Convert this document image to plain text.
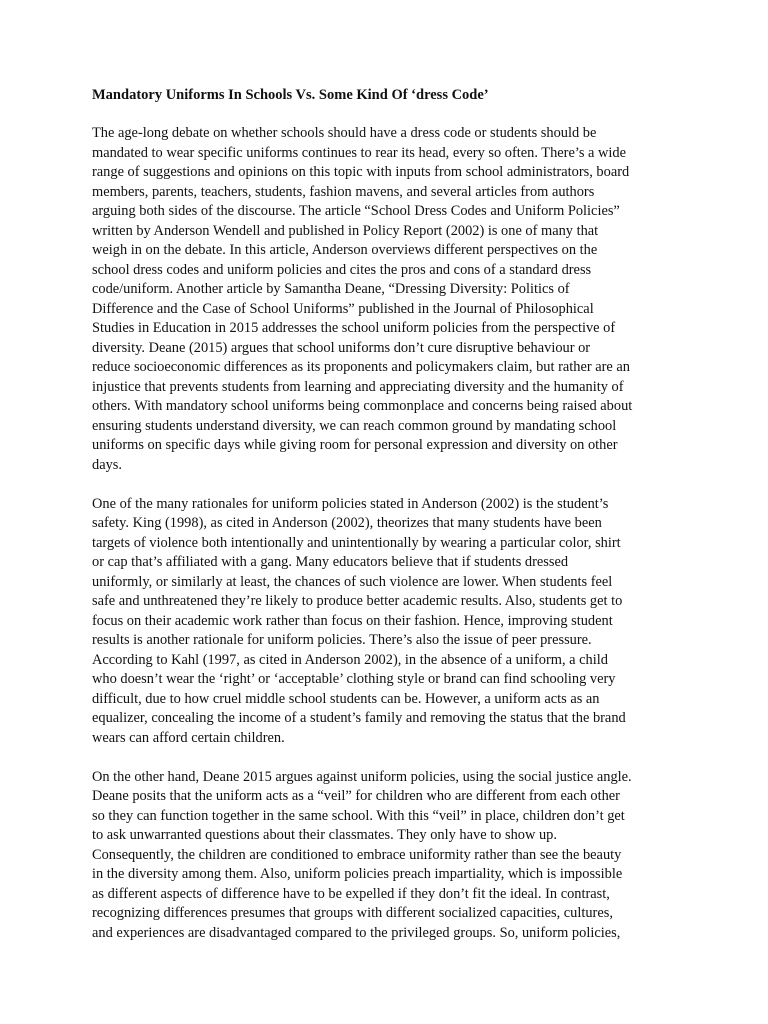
Mandatory Uniforms In Schools Vs. Some Kind Of ‘dress Code’
The age-long debate on whether schools should have a dress code or students should be
mandated to wear specific uniforms continues to rear its head, every so often. There’s a wide
range of suggestions and opinions on this topic with inputs from school administrators, board
members, parents, teachers, students, fashion mavens, and several articles from authors
arguing both sides of the discourse. The article “School Dress Codes and Uniform Policies”
written by Anderson Wendell and published in Policy Report (2002) is one of many that
weigh in on the debate. In this article, Anderson overviews different perspectives on the
school dress codes and uniform policies and cites the pros and cons of a standard dress
code/uniform. Another article by Samantha Deane, “Dressing Diversity: Politics of
Difference and the Case of School Uniforms” published in the Journal of Philosophical
Studies in Education in 2015 addresses the school uniform policies from the perspective of
diversity. Deane (2015) argues that school uniforms don’t cure disruptive behaviour or
reduce socioeconomic differences as its proponents and policymakers claim, but rather are an
injustice that prevents students from learning and appreciating diversity and the humanity of
others. With mandatory school uniforms being commonplace and concerns being raised about
ensuring students understand diversity, we can reach common ground by mandating school
uniforms on specific days while giving room for personal expression and diversity on other
days.
One of the many rationales for uniform policies stated in Anderson (2002) is the student’s
safety. King (1998), as cited in Anderson (2002), theorizes that many students have been
targets of violence both intentionally and unintentionally by wearing a particular color, shirt
or cap that’s affiliated with a gang. Many educators believe that if students dressed
uniformly, or similarly at least, the chances of such violence are lower. When students feel
safe and unthreatened they’re likely to produce better academic results. Also, students get to
focus on their academic work rather than focus on their fashion. Hence, improving student
results is another rationale for uniform policies. There’s also the issue of peer pressure.
According to Kahl (1997, as cited in Anderson 2002), in the absence of a uniform, a child
who doesn’t wear the ‘right’ or ‘acceptable’ clothing style or brand can find schooling very
difficult, due to how cruel middle school students can be. However, a uniform acts as an
equalizer, concealing the income of a student’s family and removing the status that the brand
wears can afford certain children.
On the other hand, Deane 2015 argues against uniform policies, using the social justice angle.
Deane posits that the uniform acts as a “veil” for children who are different from each other
so they can function together in the same school. With this “veil” in place, children don’t get
to ask unwarranted questions about their classmates. They only have to show up.
Consequently, the children are conditioned to embrace uniformity rather than see the beauty
in the diversity among them. Also, uniform policies preach impartiality, which is impossible
as different aspects of difference have to be expelled if they don’t fit the ideal. In contrast,
recognizing differences presumes that groups with different socialized capacities, cultures,
and experiences are disadvantaged compared to the privileged groups. So, uniform policies,
